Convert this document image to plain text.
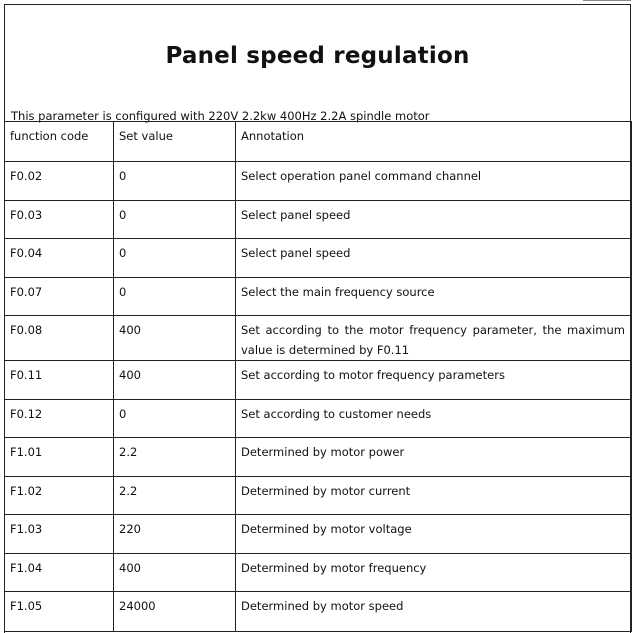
Panel speed regulation
This parameter is configured with 220V 2.2kw 400Hz 2.2A spindle motor
function code	Set value	Annotation
F0.02	0	Select operation panel command channel
F0.03	0	Select panel speed
F0.04	0	Select panel speed
F0.07	0	Select the main frequency source
F0.08	400	Set according to the motor frequency parameter, the maximum value is determined by F0.11
F0.11	400	Set according to motor frequency parameters
F0.12	0	Set according to customer needs
F1.01	2.2	Determined by motor power
F1.02	2.2	Determined by motor current
F1.03	220	Determined by motor voltage
F1.04	400	Determined by motor frequency
F1.05	24000	Determined by motor speed
